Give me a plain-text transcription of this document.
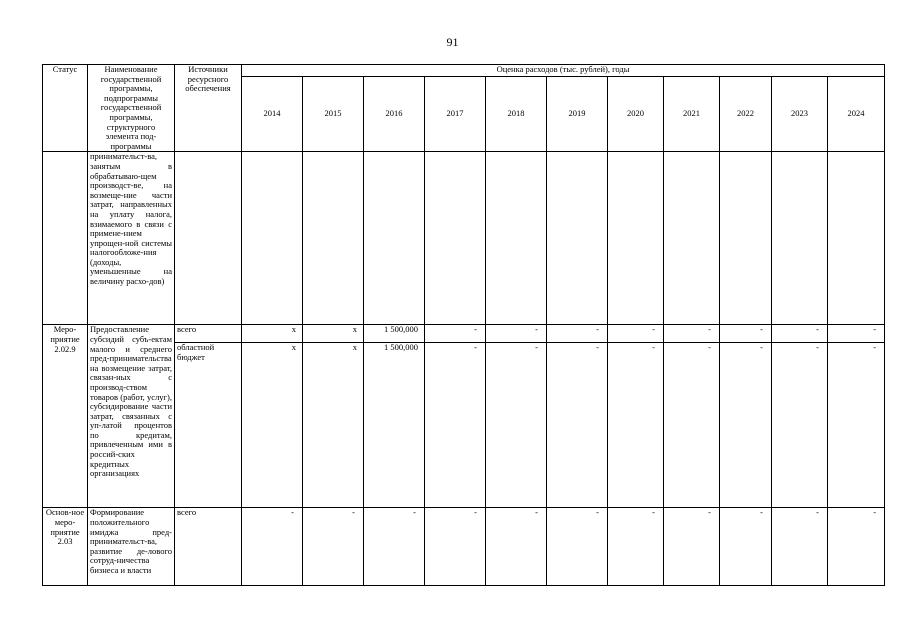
91
Статус	Наименование государственной программы, подпрограммы государственной программы, структурного элемента под-программы	Источники ресурсного обеспечения	Оценка расходов (тыс. рублей), годы										
			2014	2015	2016	2017	2018	2019	2020	2021	2022	2023	2024
	принимательст-ва, занятым в обрабатываю-щем производст-ве, на возмеще-ние части затрат, направленных на уплату налога, взимаемого в связи с примене-нием упрощен-ной системы налогообложе-ния (доходы, уменьшенные на величину расхо-дов)												
Меро-приятие 2.02.9	Предоставление субсидий субъ-ектам малого и среднего пред-принимательства на возмещение затрат, связан-ных с производ-ством товаров (работ, услуг), субсидирование части затрат, связанных с уп-латой процентов по кредитам, привлеченным ими в россий-ских кредитных организациях	всего	x	x	1 500,000	-	-	-	-	-	-	-	-
		областной бюджет	x	x	1 500,000	-	-	-	-	-	-	-	-
Основ-ное меро-приятие 2.03	Формирование положительного имиджа пред-принимательст-ва, развитие де-лового сотруд-ничества бизнеса и власти	всего	-	-	-	-	-	-	-	-	-	-	-
